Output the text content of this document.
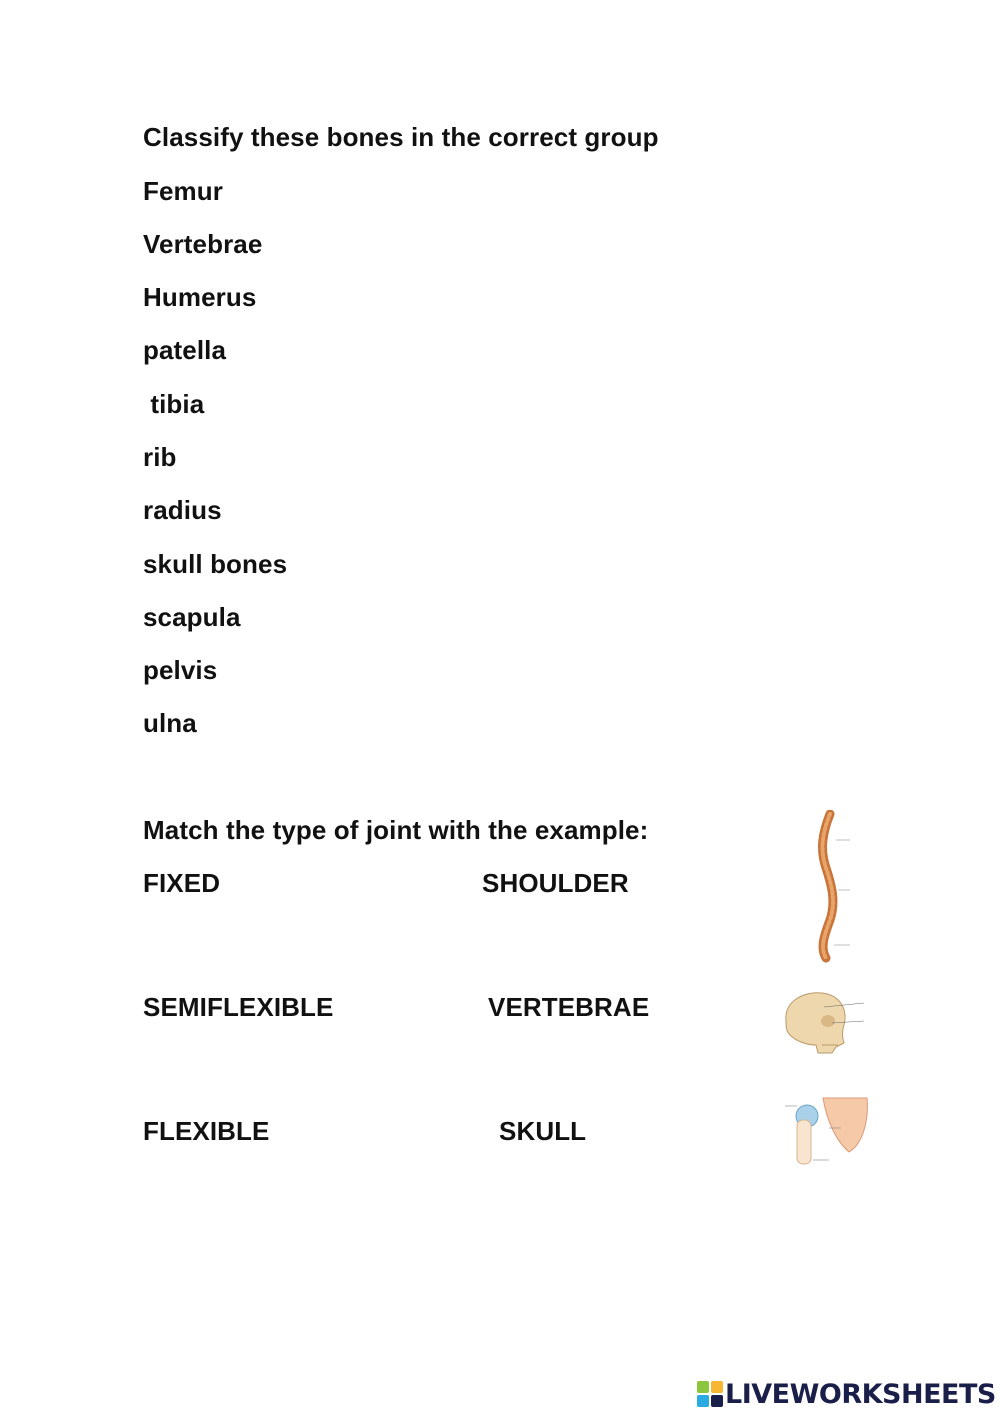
Classify these bones in the correct group
Femur
Vertebrae
Humerus
patella
tibia
rib
radius
skull bones
scapula
pelvis
ulna
Match the type of joint with the example:
FIXED
SEMIFLEXIBLE
FLEXIBLE
SHOULDER
VERTEBRAE
SKULL
LIVEWORKSHEETS
